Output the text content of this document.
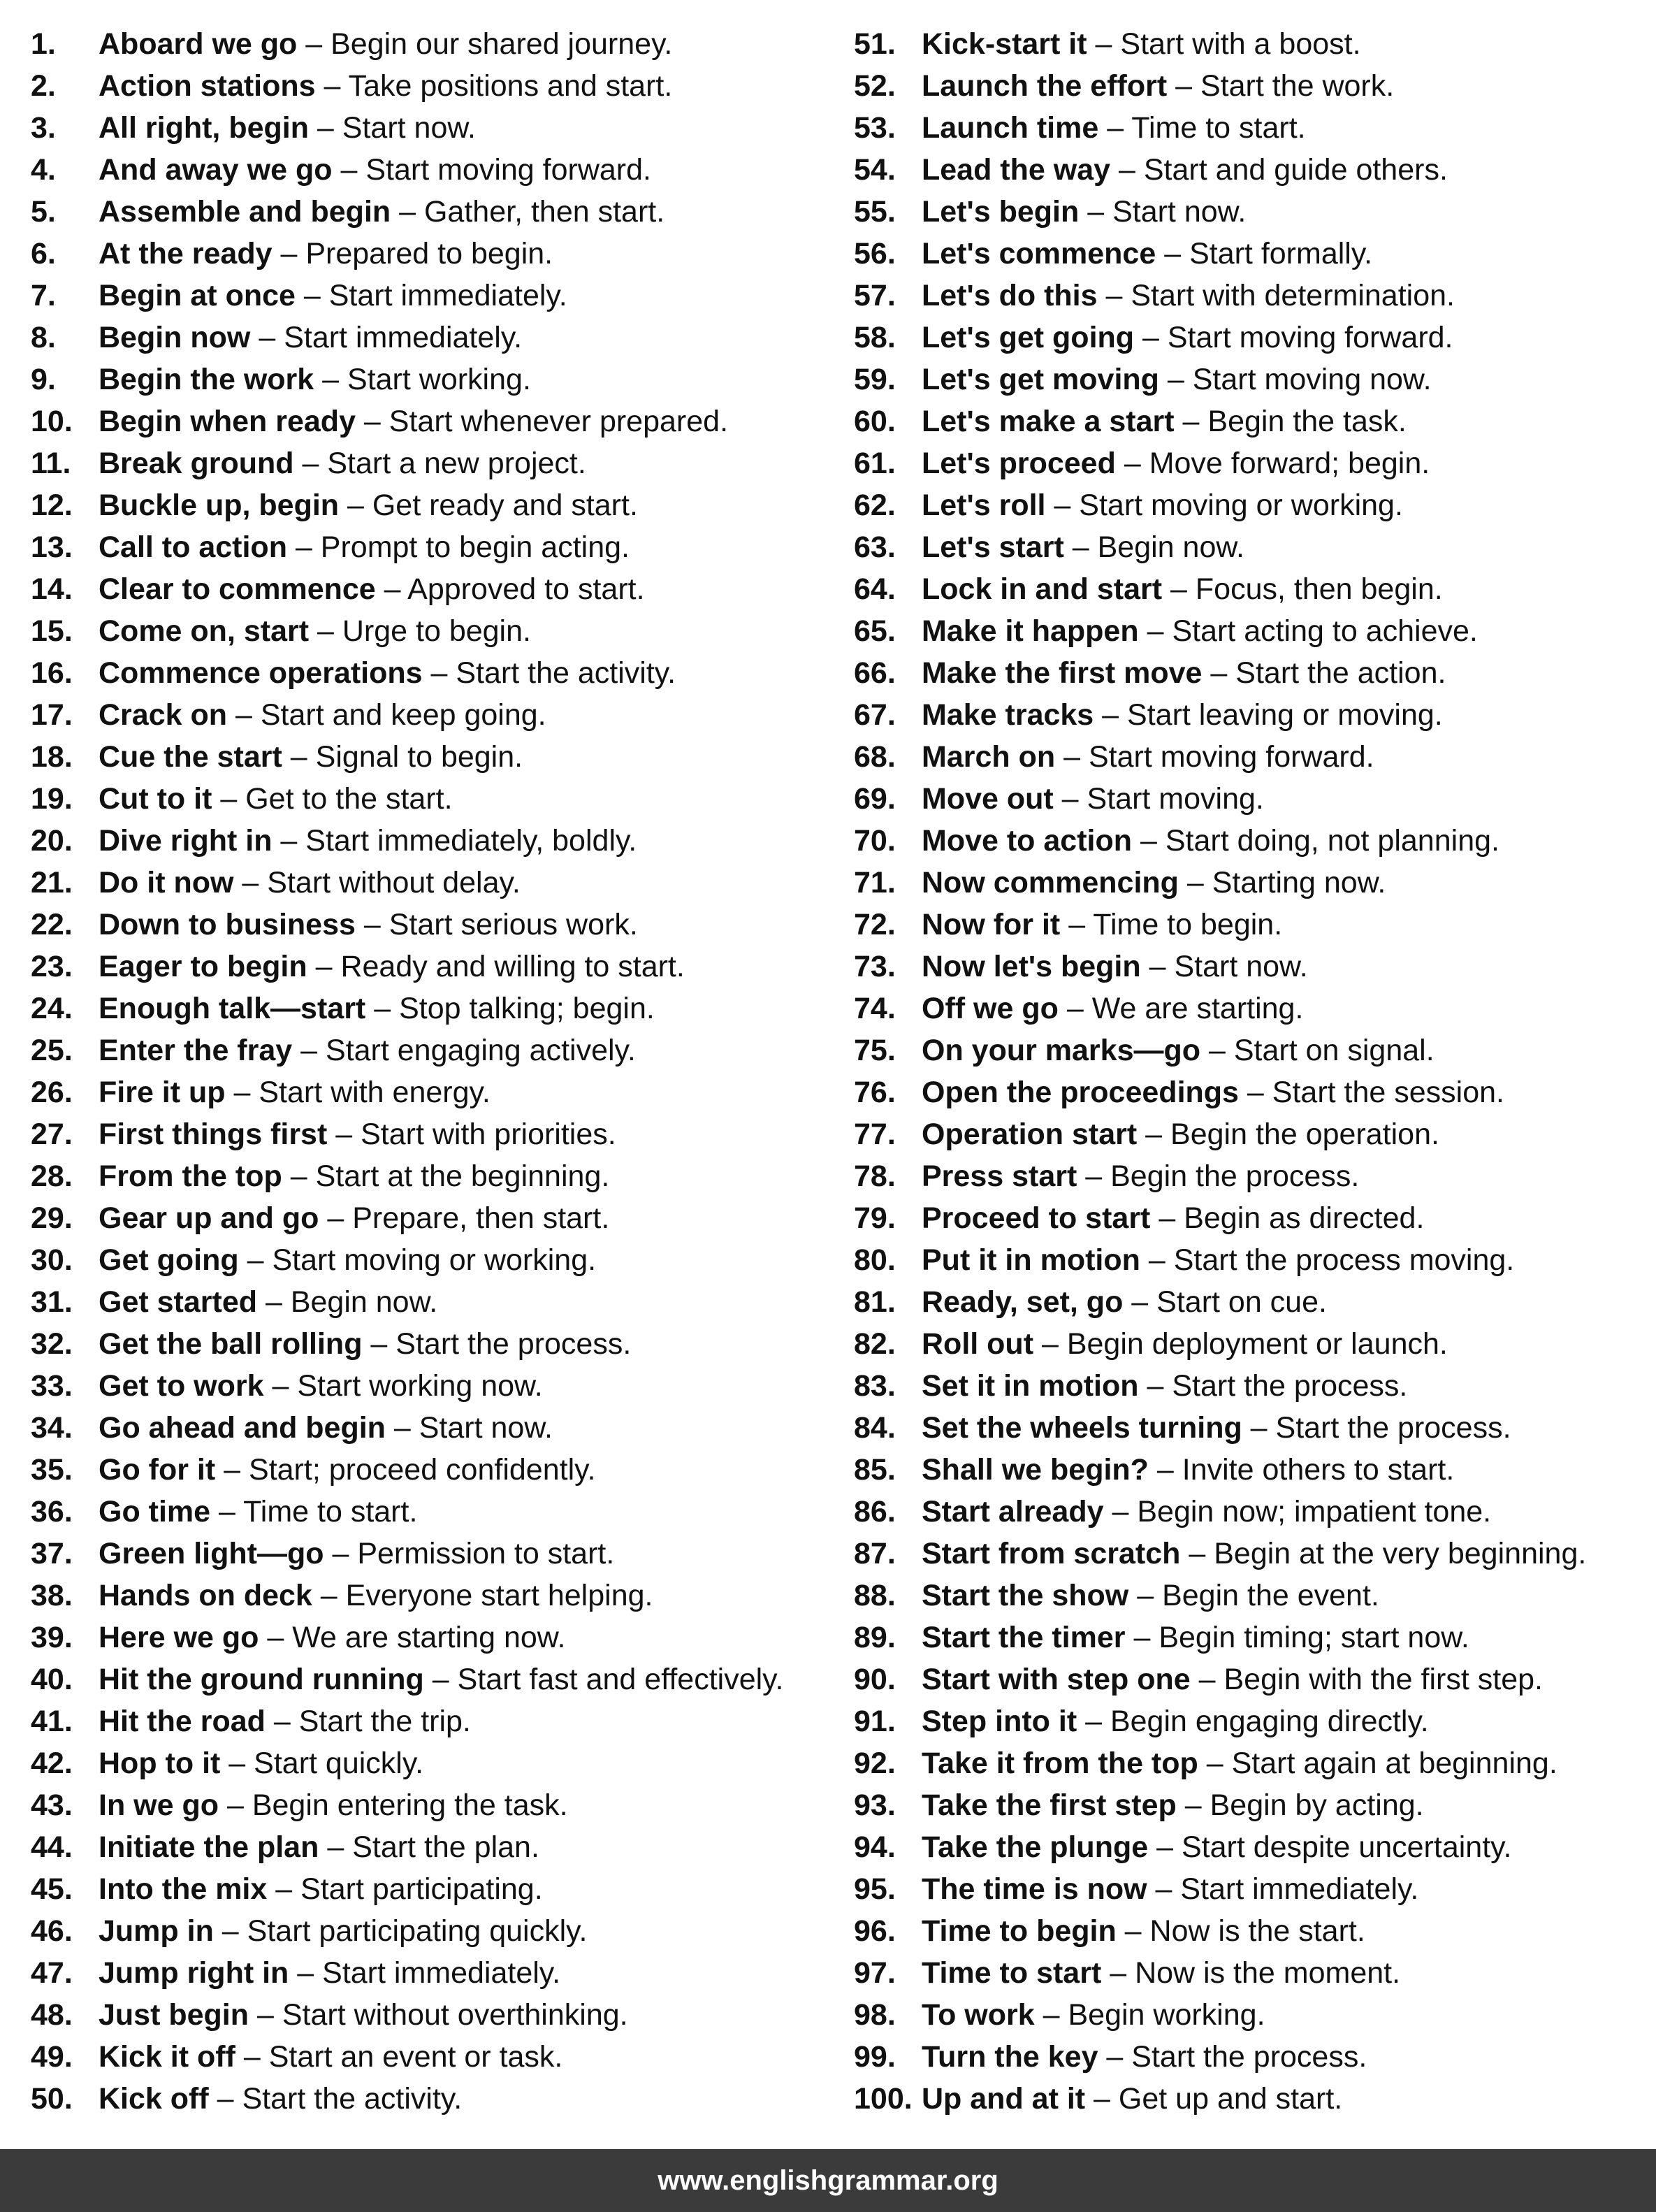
1. Aboard we go – Begin our shared journey.
2. Action stations – Take positions and start.
3. All right, begin – Start now.
4. And away we go – Start moving forward.
5. Assemble and begin – Gather, then start.
6. At the ready – Prepared to begin.
7. Begin at once – Start immediately.
8. Begin now – Start immediately.
9. Begin the work – Start working.
10. Begin when ready – Start whenever prepared.
11. Break ground – Start a new project.
12. Buckle up, begin – Get ready and start.
13. Call to action – Prompt to begin acting.
14. Clear to commence – Approved to start.
15. Come on, start – Urge to begin.
16. Commence operations – Start the activity.
17. Crack on – Start and keep going.
18. Cue the start – Signal to begin.
19. Cut to it – Get to the start.
20. Dive right in – Start immediately, boldly.
21. Do it now – Start without delay.
22. Down to business – Start serious work.
23. Eager to begin – Ready and willing to start.
24. Enough talk—start – Stop talking; begin.
25. Enter the fray – Start engaging actively.
26. Fire it up – Start with energy.
27. First things first – Start with priorities.
28. From the top – Start at the beginning.
29. Gear up and go – Prepare, then start.
30. Get going – Start moving or working.
31. Get started – Begin now.
32. Get the ball rolling – Start the process.
33. Get to work – Start working now.
34. Go ahead and begin – Start now.
35. Go for it – Start; proceed confidently.
36. Go time – Time to start.
37. Green light—go – Permission to start.
38. Hands on deck – Everyone start helping.
39. Here we go – We are starting now.
40. Hit the ground running – Start fast and effectively.
41. Hit the road – Start the trip.
42. Hop to it – Start quickly.
43. In we go – Begin entering the task.
44. Initiate the plan – Start the plan.
45. Into the mix – Start participating.
46. Jump in – Start participating quickly.
47. Jump right in – Start immediately.
48. Just begin – Start without overthinking.
49. Kick it off – Start an event or task.
50. Kick off – Start the activity.
51. Kick-start it – Start with a boost.
52. Launch the effort – Start the work.
53. Launch time – Time to start.
54. Lead the way – Start and guide others.
55. Let's begin – Start now.
56. Let's commence – Start formally.
57. Let's do this – Start with determination.
58. Let's get going – Start moving forward.
59. Let's get moving – Start moving now.
60. Let's make a start – Begin the task.
61. Let's proceed – Move forward; begin.
62. Let's roll – Start moving or working.
63. Let's start – Begin now.
64. Lock in and start – Focus, then begin.
65. Make it happen – Start acting to achieve.
66. Make the first move – Start the action.
67. Make tracks – Start leaving or moving.
68. March on – Start moving forward.
69. Move out – Start moving.
70. Move to action – Start doing, not planning.
71. Now commencing – Starting now.
72. Now for it – Time to begin.
73. Now let's begin – Start now.
74. Off we go – We are starting.
75. On your marks—go – Start on signal.
76. Open the proceedings – Start the session.
77. Operation start – Begin the operation.
78. Press start – Begin the process.
79. Proceed to start – Begin as directed.
80. Put it in motion – Start the process moving.
81. Ready, set, go – Start on cue.
82. Roll out – Begin deployment or launch.
83. Set it in motion – Start the process.
84. Set the wheels turning – Start the process.
85. Shall we begin? – Invite others to start.
86. Start already – Begin now; impatient tone.
87. Start from scratch – Begin at the very beginning.
88. Start the show – Begin the event.
89. Start the timer – Begin timing; start now.
90. Start with step one – Begin with the first step.
91. Step into it – Begin engaging directly.
92. Take it from the top – Start again at beginning.
93. Take the first step – Begin by acting.
94. Take the plunge – Start despite uncertainty.
95. The time is now – Start immediately.
96. Time to begin – Now is the start.
97. Time to start – Now is the moment.
98. To work – Begin working.
99. Turn the key – Start the process.
100. Up and at it – Get up and start.
www.englishgrammar.org
